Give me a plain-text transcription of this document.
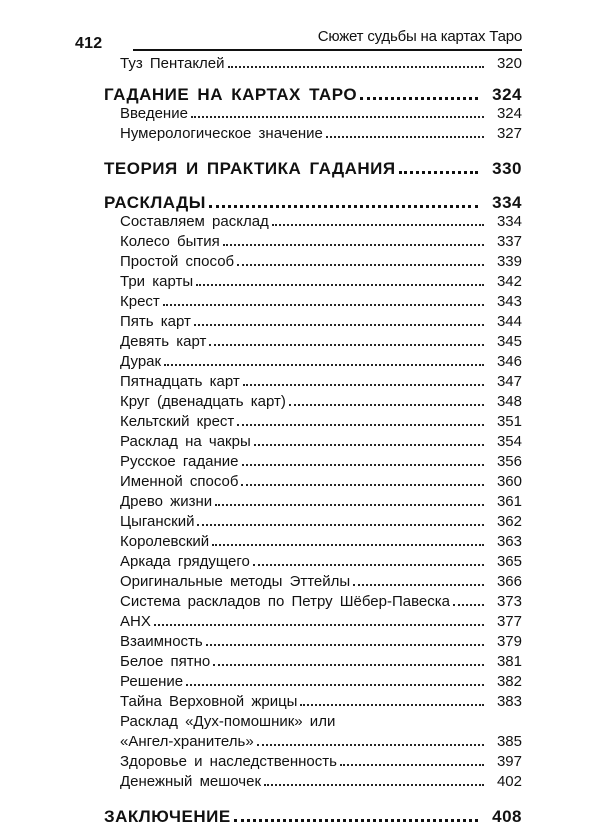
412	Сюжет судьбы на картах Таро
Туз Пентаклей	320
ГАДАНИЕ НА КАРТАХ ТАРО	324
Введение	324
Нумерологическое значение	327
ТЕОРИЯ И ПРАКТИКА ГАДАНИЯ	330
РАСКЛАДЫ	334
Составляем расклад	334
Колесо бытия	337
Простой способ	339
Три карты	342
Крест	343
Пять карт	344
Девять карт	345
Дурак	346
Пятнадцать карт	347
Круг (двенадцать карт)	348
Кельтский крест	351
Расклад на чакры	354
Русское гадание	356
Именной способ	360
Древо жизни	361
Цыганский	362
Королевский	363
Аркада грядущего	365
Оригинальные методы Эттейлы	366
Система раскладов по Петру Шёбер-Павеска	373
АНХ	377
Взаимность	379
Белое пятно	381
Решение	382
Тайна Верховной жрицы	383
Расклад «Дух-помошник» или
«Ангел-хранитель»	385
Здоровье и наследственность	397
Денежный мешочек	402
ЗАКЛЮЧЕНИЕ	408
